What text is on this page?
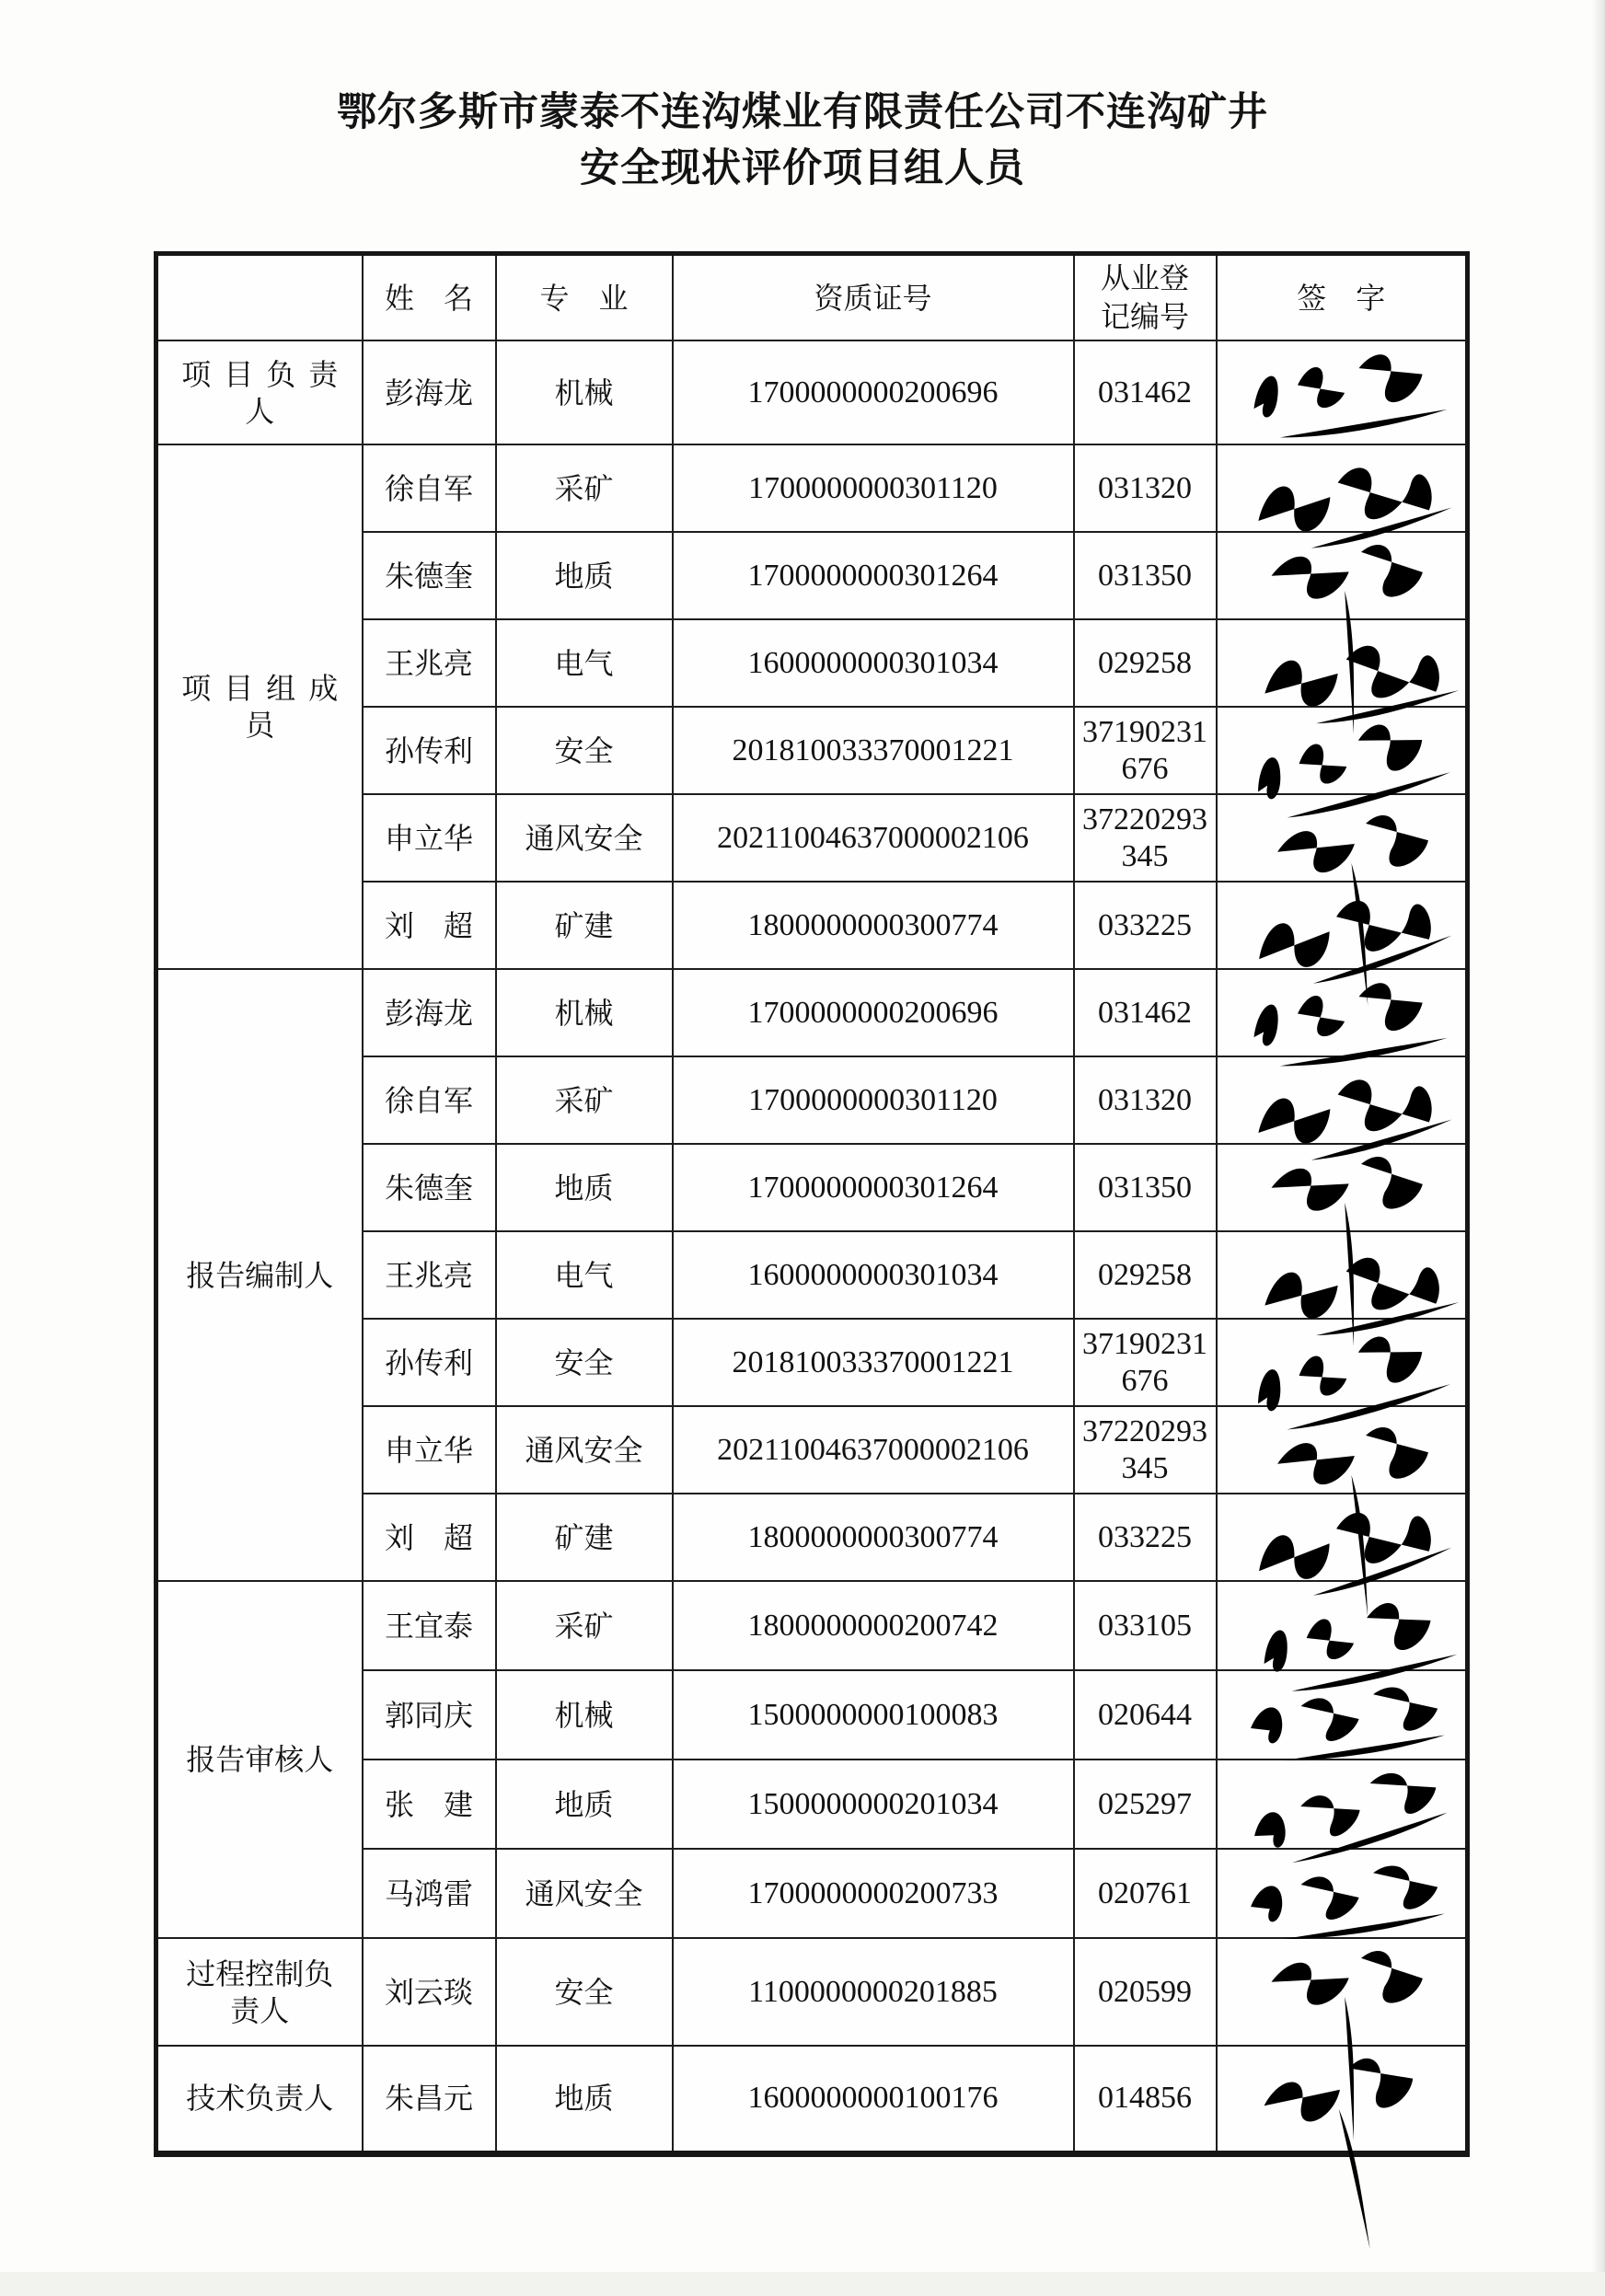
鄂尔多斯市蒙泰不连沟煤业有限责任公司不连沟矿井
安全现状评价项目组人员
	姓　名	专　业	资质证号	从业登记编号	签　字
项目负责人	彭海龙	机械	1700000000200696	031462	

项目组成员	徐自军	采矿	1700000000301120	031320	

	朱德奎	地质	1700000000301264	031350	

	王兆亮	电气	1600000000301034	029258	

	孙传利	安全	201810033370001221	37190231676	

	申立华	通风安全	20211004637000002106	37220293345	

	刘　超	矿建	1800000000300774	033225	

报告编制人	彭海龙	机械	1700000000200696	031462	

	徐自军	采矿	1700000000301120	031320	

	朱德奎	地质	1700000000301264	031350	

	王兆亮	电气	1600000000301034	029258	

	孙传利	安全	201810033370001221	37190231676	

	申立华	通风安全	20211004637000002106	37220293345	

	刘　超	矿建	1800000000300774	033225	

报告审核人	王宜泰	采矿	1800000000200742	033105	

	郭同庆	机械	1500000000100083	020644	

	张　建	地质	1500000000201034	025297	

	马鸿雷	通风安全	1700000000200733	020761	

过程控制负责人	刘云琰	安全	1100000000201885	020599	

技术负责人	朱昌元	地质	1600000000100176	014856	
